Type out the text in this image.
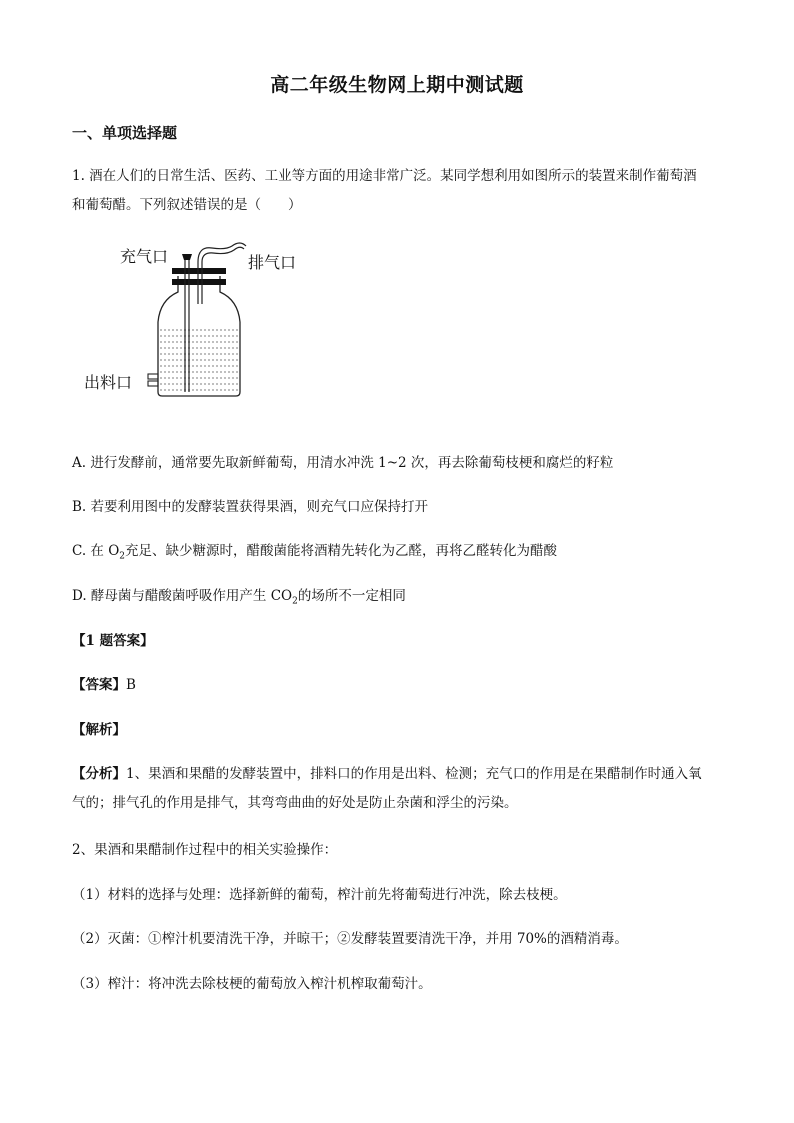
高二年级生物网上期中测试题
一、单项选择题
1. 酒在人们的日常生活、医药、工业等方面的用途非常广泛。某同学想利用如图所示的装置来制作葡萄酒
和葡萄醋。下列叙述错误的是（　　）
充气口	排气口
出料口
A. 进行发酵前，通常要先取新鲜葡萄，用清水冲洗 1~2 次，再去除葡萄枝梗和腐烂的籽粒
B. 若要利用图中的发酵装置获得果酒，则充气口应保持打开
C. 在 $O_2$充足、缺少糖源时，醋酸菌能将酒精先转化为乙醛，再将乙醛转化为醋酸
D. 酵母菌与醋酸菌呼吸作用产生 $CO_2$的场所不一定相同
【1 题答案】
【答案】B
【解析】
【分析】1、果酒和果醋的发酵装置中，排料口的作用是出料、检测；充气口的作用是在果醋制作时通入氧
气的；排气孔的作用是排气，其弯弯曲曲的好处是防止杂菌和浮尘的污染。
2、果酒和果醋制作过程中的相关实验操作：
（1）材料的选择与处理：选择新鲜的葡萄，榨汁前先将葡萄进行冲洗，除去枝梗。
（2）灭菌：①榨汁机要清洗干净，并晾干；②发酵装置要清洗干净，并用 70%的酒精消毒。
（3）榨汁：将冲洗去除枝梗的葡萄放入榨汁机榨取葡萄汁。
